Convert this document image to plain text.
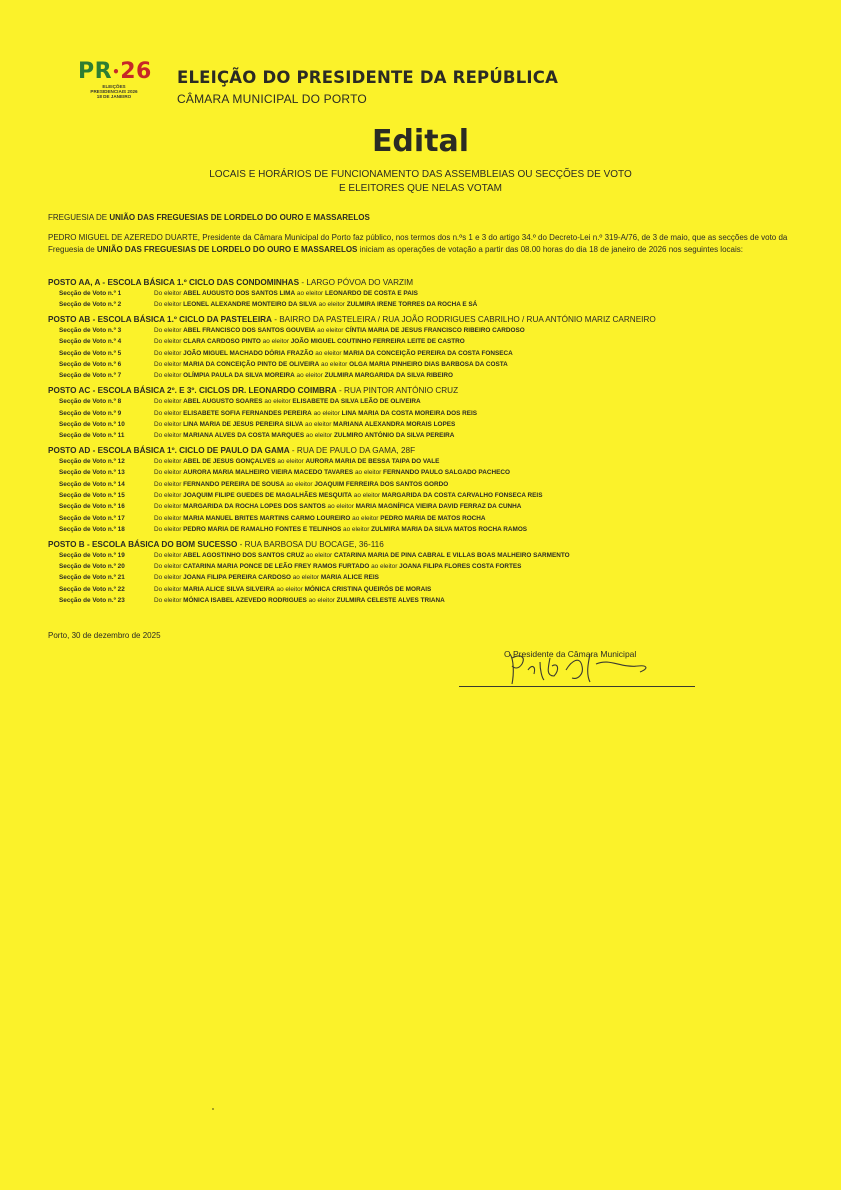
PR•26
ELEIÇÕES
PRESIDENCIAIS 2026
18 DE JANEIRO
ELEIÇÃO DO PRESIDENTE DA REPÚBLICA
CÂMARA MUNICIPAL DO PORTO
Edital
LOCAIS E HORÁRIOS DE FUNCIONAMENTO DAS ASSEMBLEIAS OU SECÇÕES DE VOTO
E ELEITORES QUE NELAS VOTAM
FREGUESIA DE UNIÃO DAS FREGUESIAS DE LORDELO DO OURO E MASSARELOS
PEDRO MIGUEL DE AZEREDO DUARTE, Presidente da Câmara Municipal do Porto faz público, nos termos dos n.ºs 1 e 3 do artigo 34.º do Decreto-Lei n.º 319-A/76, de 3 de maio, que as secções de voto da Freguesia de UNIÃO DAS FREGUESIAS DE LORDELO DO OURO E MASSARELOS iniciam as operações de votação a partir das 08.00 horas do dia 18 de janeiro de 2026 nos seguintes locais:
POSTO AA, A - ESCOLA BÁSICA 1.º CICLO DAS CONDOMINHAS - LARGO PÓVOA DO VARZIM
Secção de Voto n.º 1	Do eleitor ABEL AUGUSTO DOS SANTOS LIMA ao eleitor LEONARDO DE COSTA E PAIS
Secção de Voto n.º 2	Do eleitor LEONEL ALEXANDRE MONTEIRO DA SILVA ao eleitor ZULMIRA IRENE TORRES DA ROCHA E SÁ
POSTO AB - ESCOLA BÁSICA 1.º CICLO DA PASTELEIRA - BAIRRO DA PASTELEIRA / RUA JOÃO RODRIGUES CABRILHO / RUA ANTÓNIO MARIZ CARNEIRO
Secção de Voto n.º 3	Do eleitor ABEL FRANCISCO DOS SANTOS GOUVEIA ao eleitor CÍNTIA MARIA DE JESUS FRANCISCO RIBEIRO CARDOSO
Secção de Voto n.º 4	Do eleitor CLARA CARDOSO PINTO ao eleitor JOÃO MIGUEL COUTINHO FERREIRA LEITE DE CASTRO
Secção de Voto n.º 5	Do eleitor JOÃO MIGUEL MACHADO DÓRIA FRAZÃO ao eleitor MARIA DA CONCEIÇÃO PEREIRA DA COSTA FONSECA
Secção de Voto n.º 6	Do eleitor MARIA DA CONCEIÇÃO PINTO DE OLIVEIRA ao eleitor OLGA MARIA PINHEIRO DIAS BARBOSA DA COSTA
Secção de Voto n.º 7	Do eleitor OLÍMPIA PAULA DA SILVA MOREIRA ao eleitor ZULMIRA MARGARIDA DA SILVA RIBEIRO
POSTO AC - ESCOLA BÁSICA 2º. E 3º. CICLOS DR. LEONARDO COIMBRA - RUA PINTOR ANTÓNIO CRUZ
Secção de Voto n.º 8	Do eleitor ABEL AUGUSTO SOARES ao eleitor ELISABETE DA SILVA LEÃO DE OLIVEIRA
Secção de Voto n.º 9	Do eleitor ELISABETE SOFIA FERNANDES PEREIRA ao eleitor LINA MARIA DA COSTA MOREIRA DOS REIS
Secção de Voto n.º 10	Do eleitor LINA MARIA DE JESUS PEREIRA SILVA ao eleitor MARIANA ALEXANDRA MORAIS LOPES
Secção de Voto n.º 11	Do eleitor MARIANA ALVES DA COSTA MARQUES ao eleitor ZULMIRO ANTÓNIO DA SILVA PEREIRA
POSTO AD - ESCOLA BÁSICA 1º. CICLO DE PAULO DA GAMA - RUA DE PAULO DA GAMA, 28F
Secção de Voto n.º 12	Do eleitor ABEL DE JESUS GONÇALVES ao eleitor AURORA MARIA DE BESSA TAIPA DO VALE
Secção de Voto n.º 13	Do eleitor AURORA MARIA MALHEIRO VIEIRA MACEDO TAVARES ao eleitor FERNANDO PAULO SALGADO PACHECO
Secção de Voto n.º 14	Do eleitor FERNANDO PEREIRA DE SOUSA ao eleitor JOAQUIM FERREIRA DOS SANTOS GORDO
Secção de Voto n.º 15	Do eleitor JOAQUIM FILIPE GUEDES DE MAGALHÃES MESQUITA ao eleitor MARGARIDA DA COSTA CARVALHO FONSECA REIS
Secção de Voto n.º 16	Do eleitor MARGARIDA DA ROCHA LOPES DOS SANTOS ao eleitor MARIA MAGNÍFICA VIEIRA DAVID FERRAZ DA CUNHA
Secção de Voto n.º 17	Do eleitor MARIA MANUEL BRITES MARTINS CARMO LOUREIRO ao eleitor PEDRO MARIA DE MATOS ROCHA
Secção de Voto n.º 18	Do eleitor PEDRO MARIA DE RAMALHO FONTES E TELINHOS ao eleitor ZULMIRA MARIA DA SILVA MATOS ROCHA RAMOS
POSTO B - ESCOLA BÁSICA DO BOM SUCESSO - RUA BARBOSA DU BOCAGE, 36-116
Secção de Voto n.º 19	Do eleitor ABEL AGOSTINHO DOS SANTOS CRUZ ao eleitor CATARINA MARIA DE PINA CABRAL E VILLAS BOAS MALHEIRO SARMENTO
Secção de Voto n.º 20	Do eleitor CATARINA MARIA PONCE DE LEÃO FREY RAMOS FURTADO ao eleitor JOANA FILIPA FLORES COSTA FORTES
Secção de Voto n.º 21	Do eleitor JOANA FILIPA PEREIRA CARDOSO ao eleitor MARIA ALICE REIS
Secção de Voto n.º 22	Do eleitor MARIA ALICE SILVA SILVEIRA ao eleitor MÓNICA CRISTINA QUEIRÓS DE MORAIS
Secção de Voto n.º 23	Do eleitor MÓNICA ISABEL AZEVEDO RODRIGUES ao eleitor ZULMIRA CELESTE ALVES TRIANA
Porto, 30 de dezembro de 2025
O Presidente da Câmara Municipal
